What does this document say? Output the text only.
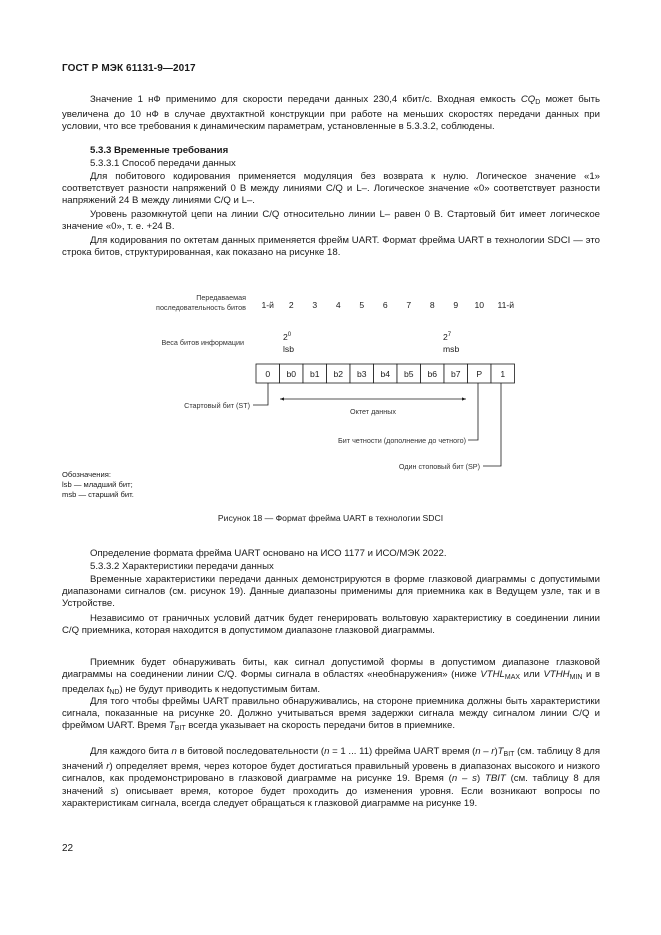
ГОСТ Р МЭК 61131-9—2017

Значение 1 нФ применимо для скорости передачи данных 230,4 кбит/с. Входная емкость $CQ_D$ может быть увеличена до 10 нФ в случае двухтактной конструкции при работе на меньших скоростях передачи данных при условии, что все требования к динамическим параметрам, установленные в 5.3.3.2, соблюдены.

5.3.3 Временные требования

5.3.3.1 Способ передачи данных

Для побитового кодирования применяется модуляция без возврата к нулю. Логическое значение «1» соответствует разности напряжений 0 В между линиями C/Q и L–. Логическое значение «0» соответствует разности напряжений 24 В между линиями C/Q и L–.

Уровень разомкнутой цепи на линии C/Q относительно линии L– равен 0 В. Стартовый бит имеет логическое значение «0», т. е. +24 В.

Для кодирования по октетам данных применяется фрейм UART. Формат фрейма UART в технологии SDCI — это строка битов, структурированная, как показано на рисунке 18.

Передаваемая
последовательность битов 1-й 2 3 4 5 6 7 8 9 10 11-й
Веса битов информации
$2^0$
lsb
$2^7$
msb
0 b0 b1 b2 b3 b4 b5 b6 b7 P 1
Стартовый бит (ST)
Октет данных
Бит четности (дополнение до четного)
Один стоповый бит (SP)
Обозначения:
lsb — младший бит;
msb — старший бит.
Рисунок 18 — Формат фрейма UART в технологии SDCI

Определение формата фрейма UART основано на ИСО 1177 и ИСО/МЭК 2022.

5.3.3.2 Характеристики передачи данных

Временные характеристики передачи данных демонстрируются в форме глазковой диаграммы с допустимыми диапазонами сигналов (см. рисунок 19). Данные диапазоны применимы для приемника как в Ведущем узле, так и в Устройстве.

Независимо от граничных условий датчик будет генерировать вольтовую характеристику в соединении линии C/Q приемника, которая находится в допустимом диапазоне глазковой диаграммы.

Приемник будет обнаруживать биты, как сигнал допустимой формы в допустимом диапазоне глазковой диаграммы на соединении линии C/Q. Формы сигнала в областях «необнаружения» (ниже $VTHL_{MAX}$ или $VTHH_{MIN}$ и в пределах $t_{ND}$) не будут приводить к недопустимым битам.

Для того чтобы фреймы UART правильно обнаруживались, на стороне приемника должны быть характеристики сигнала, показанные на рисунке 20. Должно учитываться время задержки сигнала между сигналом линии C/Q и фреймом UART. Время $T_{BIT}$ всегда указывает на скорость передачи битов в приемнике.

Для каждого бита n в битовой последовательности (n = 1 ... 11) фрейма UART время $(n - r)T_{BIT}$ (см. таблицу 8 для значений r) определяет время, через которое будет достигаться правильный уровень в диапазонах высокого и низкого сигналов, как продемонстрировано в глазковой диаграмме на рисунке 19. Время (n – s) TBIT (см. таблицу 8 для значений s) описывает время, которое будет проходить до изменения уровня. Если возникают вопросы по характеристикам сигнала, всегда следует обращаться к глазковой диаграмме на рисунке 19.

22
